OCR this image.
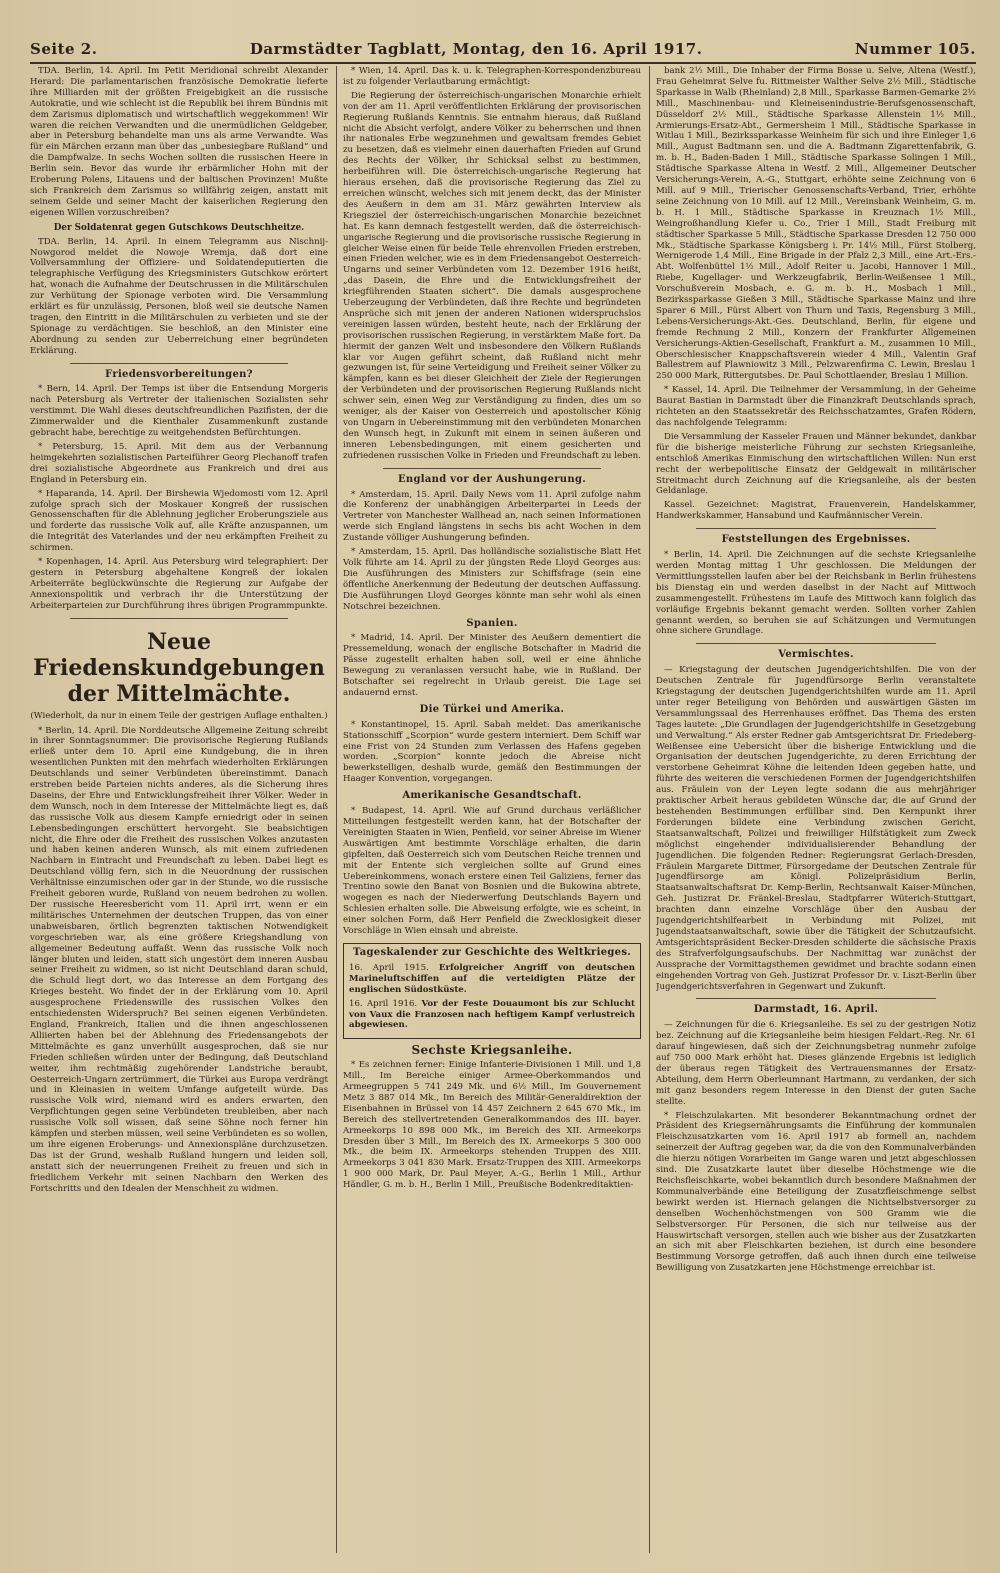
Seite 2.	Darmstädter Tagblatt, Montag, den 16. April 1917.	Nummer 105.

TDA. Berlin, 14. April. Im Petit Meridional schreibt Alexander Herard: Die parlamentarischen französische Demokratie lieferte ihre Milliarden mit der größten Freigebigkeit an die russische Autokratie, und wie schlecht ist die Republik bei ihrem Bündnis mit dem Zarismus diplomatisch und wirtschaftlich weggekommen! Wir waren die reichen Verwandten und die unermüdlichen Geldgeber, aber in Petersburg behandelte man uns als arme Verwandte. Was für ein Märchen erzann man über das „unbesiegbare Rußland“ und die Dampfwalze. In sechs Wochen sollten die russischen Heere in Berlin sein. Bevor das wurde ihr erbärmlicher Hohn mit der Eroberung Polens, Litauens und der baltischen Provinzen! Mußte sich Frankreich dem Zarismus so willfährig zeigen, anstatt mit seinem Gelde und seiner Macht der kaiserlichen Regierung den eigenen Willen vorzuschreiben?

Der Soldatenrat gegen Gutschkows Deutschheitze.

TDA. Berlin, 14. April. In einem Telegramm aus Nischnij-Nowgorod meldet die Nowoje Wremja, daß dort eine Vollversammlung der Offiziere- und Soldatendeputierten die telegraphische Verfügung des Kriegsministers Gutschkow erörtert hat, wonach die Aufnahme der Deutschrussen in die Militärschulen zur Verhütung der Spionage verboten wird. Die Versammlung erklärt es für unzulässig, Personen, bloß weil sie deutsche Namen tragen, den Eintritt in die Militärschulen zu verbieten und sie der Spionage zu verdächtigen. Sie beschloß, an den Minister eine Abordnung zu senden zur Ueberreichung einer begründeten Erklärung.

Friedensvorbereitungen?

* Bern, 14. April. Der Temps ist über die Entsendung Morgeris nach Petersburg als Vertreter der italienischen Sozialisten sehr verstimmt. Die Wahl dieses deutschfreundlichen Pazifisten, der die Zimmerwalder und die Kienthaler Zusammenkunft zustande gebracht habe, berechtige zu weitgehendsten Befürchtungen.

* Petersburg, 15. April. Mit dem aus der Verbannung heimgekehrten sozialistischen Parteiführer Georg Plechanoff trafen drei sozialistische Abgeordnete aus Frankreich und drei aus England in Petersburg ein.

* Haparanda, 14. April. Der Birshewia Wjedomosti vom 12. April zufolge sprach sich der Moskauer Kongreß der russischen Genossenschaften für die Ablehnung jeglicher Eroberungsziele aus und forderte das russische Volk auf, alle Kräfte anzuspannen, um die Integrität des Vaterlandes und der neu erkämpften Freiheit zu schirmen.

* Kopenhagen, 14. April. Aus Petersburg wird telegraphiert: Der gestern in Petersburg abgehaltene Kongreß der lokalen Arbeiterräte beglückwünschte die Regierung zur Aufgabe der Annexionspolitik und verbrach ihr die Unterstützung der Arbeiterparteien zur Durchführung ihres übrigen Programmpunkte.

Neue Friedenskundgebungen der Mittelmächte.
(Wiederholt, da nur in einem Teile der gestrigen Auflage enthalten.)

* Berlin, 14. April. Die Norddeutsche Allgemeine Zeitung schreibt in ihrer Sonntagsnummer: Die provisorische Regierung Rußlands erließ unter dem 10. April eine Kundgebung, die in ihren wesentlichen Punkten mit den mehrfach wiederholten Erklärungen Deutschlands und seiner Verbündeten übereinstimmt. Danach erstreben beide Parteien nichts anderes, als die Sicherung ihres Daseins, der Ehre und Entwicklungsfreiheit ihrer Völker. Weder in dem Wunsch, noch in dem Interesse der Mittelmächte liegt es, daß das russische Volk aus diesem Kampfe erniedrigt oder in seinen Lebensbedingungen erschüttert hervorgeht. Sie beabsichtigen nicht, die Ehre oder die Freiheit des russischen Volkes anzutasten und haben keinen anderen Wunsch, als mit einem zufriedenen Nachbarn in Eintracht und Freundschaft zu leben. Dabei liegt es Deutschland völlig fern, sich in die Neuordnung der russischen Verhältnisse einzumischen oder gar in der Stunde, wo die russische Freiheit geboren wurde, Rußland von neuem bedrohen zu wollen. Der russische Heeresbericht vom 11. April irrt, wenn er ein militärisches Unternehmen der deutschen Truppen, das von einer unabweisbaren, örtlich begrenzten taktischen Notwendigkeit vorgeschrieben war, als eine größere Kriegshandlung von allgemeiner Bedeutung auffaßt. Wenn das russische Volk noch länger bluten und leiden, statt sich ungestört dem inneren Ausbau seiner Freiheit zu widmen, so ist nicht Deutschland daran schuld, die Schuld liegt dort, wo das Interesse an dem Fortgang des Krieges besteht. Wo findet der in der Erklärung vom 10. April ausgesprochene Friedenswille des russischen Volkes den entschiedensten Widerspruch? Bei seinen eigenen Verbündeten. England, Frankreich, Italien und die ihnen angeschlossenen Alliierten haben bei der Ablehnung des Friedensangebots der Mittelmächte es ganz unverhüllt ausgesprochen, daß sie nur Frieden schließen würden unter der Bedingung, daß Deutschland weiter, ihm rechtmäßig zugehörender Landstriche beraubt, Oesterreich-Ungarn zertrümmert, die Türkei aus Europa verdrängt und in Kleinasien in weitem Umfange aufgeteilt würde. Das russische Volk wird, niemand wird es anders erwarten, den Verpflichtungen gegen seine Verbündeten treubleiben, aber nach russische Volk soll wissen, daß seine Söhne noch ferner hin kämpfen und sterben müssen, weil seine Verbündeten es so wollen, um ihre eigenen Eroberungs- und Annexionspläne durchzusetzen. Das ist der Grund, weshalb Rußland hungern und leiden soll, anstatt sich der neuerrungenen Freiheit zu freuen und sich in friedlichem Verkehr mit seinen Nachbarn den Werken des Fortschritts und den Idealen der Menschheit zu widmen.

* Wien, 14. April. Das k. u. k. Telegraphen-Korrespondenzbureau ist zu folgender Verlautbarung ermächtigt:

Die Regierung der österreichisch-ungarischen Monarchie erhielt von der am 11. April veröffentlichten Erklärung der provisorischen Regierung Rußlands Kenntnis. Sie entnahm hieraus, daß Rußland nicht die Absicht verfolgt, andere Völker zu beherrschen und ihnen ihr nationales Erbe wegzunehmen und gewaltsam fremdes Gebiet zu besetzen, daß es vielmehr einen dauerhaften Frieden auf Grund des Rechts der Völker, ihr Schicksal selbst zu bestimmen, herbeiführen will. Die österreichisch-ungarische Regierung hat hieraus ersehen, daß die provisorische Regierung das Ziel zu erreichen wünscht, welches sich mit jenem deckt, das der Minister des Aeußern in dem am 31. März gewährten Interview als Kriegsziel der österreichisch-ungarischen Monarchie bezeichnet hat. Es kann demnach festgestellt werden, daß die österreichisch-ungarische Regierung und die provisorische russische Regierung in gleicher Weise einen für beide Teile ehrenvollen Frieden erstreben, einen Frieden welcher, wie es in dem Friedensangebot Oesterreich-Ungarns und seiner Verbündeten vom 12. Dezember 1916 heißt, „das Dasein, die Ehre und die Entwicklungsfreiheit der kriegführenden Staaten sichert“. Die damals ausgesprochene Ueberzeugung der Verbündeten, daß ihre Rechte und begründeten Ansprüche sich mit jenen der anderen Nationen widerspruchslos vereinigen lassen würden, besteht heute, nach der Erklärung der provisorischen russischen Regierung, in verstärktem Maße fort. Da hiermit der ganzen Welt und insbesondere den Völkern Rußlands klar vor Augen geführt scheint, daß Rußland nicht mehr gezwungen ist, für seine Verteidigung und Freiheit seiner Völker zu kämpfen, kann es bei dieser Gleichheit der Ziele der Regierungen der Verbündeten und der provisorischen Regierung Rußlands nicht schwer sein, einen Weg zur Verständigung zu finden, dies um so weniger, als der Kaiser von Oesterreich und apostolischer König von Ungarn in Uebereinstimmung mit den verbündeten Monarchen den Wunsch hegt, in Zukunft mit einem in seinen äußeren und inneren Lebensbedingungen, mit einem gesicherten und zufriedenen russischen Volke in Frieden und Freundschaft zu leben.

England vor der Aushungerung.

* Amsterdam, 15. April. Daily News vom 11. April zufolge nahm die Konferenz der unabhängigen Arbeiterpartei in Leeds der Vertreter von Manchester Wallhead an, nach seinen Informationen werde sich England längstens in sechs bis acht Wochen in dem Zustande völliger Aushungerung befinden.

* Amsterdam, 15. April. Das holländische sozialistische Blatt Het Volk führte am 14. April zu der jüngsten Rede Lloyd Georges aus: Die Ausführungen des Ministers zur Schiffsfrage (sein eine öffentliche Anerkennung der Bedeutung der deutschen Auffassung. Die Ausführungen Lloyd Georges könnte man sehr wohl als einen Notschrei bezeichnen.

Spanien.

* Madrid, 14. April. Der Minister des Aeußern dementiert die Pressemeldung, wonach der englische Botschafter in Madrid die Pässe zugestellt erhalten haben soll, weil er eine ähnliche Bewegung zu veranlassen versucht habe, wie in Rußland. Der Botschafter sei regelrecht in Urlaub gereist. Die Lage sei andauernd ernst.

Die Türkei und Amerika.

* Konstantinopel, 15. April. Sabah meldet: Das amerikanische Stationsschiff „Scorpion“ wurde gestern interniert. Dem Schiff war eine Frist von 24 Stunden zum Verlassen des Hafens gegeben worden. „Scorpion“ konnte jedoch die Abreise nicht bewerkstelligen, deshalb wurde, gemäß den Bestimmungen der Haager Konvention, vorgegangen.

Amerikanische Gesandtschaft.

* Budapest, 14. April. Wie auf Grund durchaus verläßlicher Mitteilungen festgestellt werden kann, hat der Botschafter der Vereinigten Staaten in Wien, Penfield, vor seiner Abreise im Wiener Auswärtigen Amt bestimmte Vorschläge erhalten, die darin gipfelten, daß Oesterreich sich vom Deutschen Reiche trennen und mit der Entente sich vergleichen sollte auf Grund eines Uebereinkommens, wonach erstere einen Teil Galiziens, ferner das Trentino sowie den Banat von Bosnien und die Bukowina abtrete, wogegen es nach der Niederwerfung Deutschlands Bayern und Schlesien erhalten solle. Die Abweisung erfolgte, wie es scheint, in einer solchen Form, daß Herr Penfield die Zwecklosigkeit dieser Vorschläge in Wien einsah und abreiste.

Tageskalender zur Geschichte des Weltkrieges.
16. April 1915. Erfolgreicher Angriff von deutschen Marineluftschiffen auf die verteidigten Plätze der englischen Südostküste.
16. April 1916. Vor der Feste Douaumont bis zur Schlucht von Vaux die Franzosen nach heftigem Kampf verlustreich abgewiesen.
Sechste Kriegsanleihe.

* Es zeichnen ferner: Einige Infanterie-Divisionen 1 Mill. und 1,8 Mill., Im Bereiche einiger Armee-Oberkommandos und Armeegruppen 5 741 249 Mk. und 6½ Mill., Im Gouvernement Metz 3 887 014 Mk., Im Bereich des Militär-Generaldirektion der Eisenbahnen in Brüssel von 14 457 Zeichnern 2 645 670 Mk., im Bereich des stellvertretenden Generalkommandos des III. bayer. Armeekorps 10 898 000 Mk., im Bereich des XII. Armeekorps Dresden über 3 Mill., Im Bereich des IX. Armeekorps 5 300 000 Mk., die beim IX. Armeekorps stehenden Truppen des XIII. Armeekorps 3 041 830 Mark. Ersatz-Truppen des XIII. Armeekorps 1 900 000 Mark, Dr. Paul Meyer, A.-G., Berlin 1 Mill., Arthur Händler, G. m. b. H., Berlin 1 Mill., Preußische Bodenkreditaktien-

bank 2½ Mill., Die Inhaber der Firma Bosse u. Selve, Altena (Westf.), Frau Geheimrat Selve fu. Rittmeister Walther Selve 2½ Mill., Städtische Sparkasse in Walb (Rheinland) 2,8 Mill., Sparkasse Barmen-Gemarke 2½ Mill., Maschinenbau- und Kleineisenindustrie-Berufsgenossenschaft, Düsseldorf 2½ Mill., Städtische Sparkasse Allenstein 1½ Mill., Armierungs-Ersatz-Abt., Germersheim 1 Mill., Städtische Sparkasse in Witlau 1 Mill., Bezirkssparkasse Weinheim für sich und ihre Einleger 1,6 Mill., August Badtmann sen. und die A. Badtmann Zigarettenfabrik, G. m. b. H., Baden-Baden 1 Mill., Städtische Sparkasse Solingen 1 Mill., Städtische Sparkasse Altena in Westf. 2 Mill., Allgemeiner Deutscher Versicherungs-Verein, A.-G., Stuttgart, erhöhte seine Zeichnung von 6 Mill. auf 9 Mill., Trierischer Genossenschafts-Verband, Trier, erhöhte seine Zeichnung von 10 Mill. auf 12 Mill., Vereinsbank Weinheim, G. m. b. H. 1 Mill., Städtische Sparkasse in Kreuznach 1½ Mill., Weingroßhandlung Kiefer u. Co., Trier 1 Mill., Stadt Freiburg mit städtischer Sparkasse 5 Mill., Städtische Sparkasse Dresden 12 750 000 Mk., Städtische Sparkasse Königsberg i. Pr. 14½ Mill., Fürst Stolberg, Wernigerode 1,4 Mill., Eine Brigade in der Pfalz 2,3 Mill., eine Art.-Ers.-Abt. Wolfenbüttel 1½ Mill., Adolf Reiter u. Jacobi, Hannover 1 Mill., Riebe, Kugellager- und Werkzeugfabrik, Berlin-Weißensee 1 Mill., Vorschußverein Mosbach, e. G. m. b. H., Mosbach 1 Mill., Bezirkssparkasse Gießen 3 Mill., Städtische Sparkasse Mainz und ihre Sparer 6 Mill., Fürst Albert von Thurn und Taxis, Regensburg 3 Mill., Lebens-Versicherungs-Akt.-Ges. Deutschland, Berlin, für eigene und fremde Rechnung 2 Mill., Konzern der Frankfurter Allgemeinen Versicherungs-Aktien-Gesellschaft, Frankfurt a. M., zusammen 10 Mill., Oberschlesischer Knappschaftsverein wieder 4 Mill., Valentin Graf Ballestrem auf Plawniowitz 3 Mill., Pelzwarenfirma C. Lewin, Breslau 1 250 000 Mark, Rittergutsbes. Dr. Paul Schottlaender, Breslau 1 Million.

* Kassel, 14. April. Die Teilnehmer der Versammlung, in der Geheime Baurat Bastian in Darmstadt über die Finanzkraft Deutschlands sprach, richteten an den Staatssekretär des Reichsschatzamtes, Grafen Rödern, das nachfolgende Telegramm:

Die Versammlung der Kasseler Frauen und Männer bekundet, dankbar für die bisherige meisterliche Führung zur sechsten Kriegsanleihe, entschloß Amerikas Einmischung den wirtschaftlichen Willen: Nun erst recht der werbepolitische Einsatz der Geldgewalt in militärischer Streitmacht durch Zeichnung auf die Kriegsanleihe, als der besten Geldanlage.

Kassel. Gezeichnet: Magistrat, Frauenverein, Handelskammer, Handwerkskammer, Hansabund und Kaufmännischer Verein.

Feststellungen des Ergebnisses.

* Berlin, 14. April. Die Zeichnungen auf die sechste Kriegsanleihe werden Montag mittag 1 Uhr geschlossen. Die Meldungen der Vermittlungsstellen laufen aber bei der Reichsbank in Berlin frühestens bis Dienstag ein und werden daselbst in der Nacht auf Mittwoch zusammengestellt. Frühestens im Laufe des Mittwoch kann folglich das vorläufige Ergebnis bekannt gemacht werden. Sollten vorher Zahlen genannt werden, so beruhen sie auf Schätzungen und Vermutungen ohne sichere Grundlage.

Vermischtes.

— Kriegstagung der deutschen Jugendgerichtshilfen. Die von der Deutschen Zentrale für Jugendfürsorge Berlin veranstaltete Kriegstagung der deutschen Jugendgerichtshilfen wurde am 11. April unter reger Beteiligung von Behörden und auswärtigen Gästen im Versammlungssaal des Herrenhauses eröffnet. Das Thema des ersten Tages lautete: „Die Grundlagen der Jugendgerichtshilfe in Gesetzgebung und Verwaltung.“ Als erster Redner gab Amtsgerichtsrat Dr. Friedeberg-Weißensee eine Uebersicht über die bisherige Entwicklung und die Organisation der deutschen Jugendgerichte, zu deren Errichtung der verstorbene Geheimrat Köhne die leitenden Ideen gegeben hatte, und führte des weiteren die verschiedenen Formen der Jugendgerichtshilfen aus. Fräulein von der Leyen legte sodann die aus mehrjähriger praktischer Arbeit heraus gebildeten Wünsche dar, die auf Grund der bestehenden Bestimmungen erfüllbar sind. Den Kernpunkt ihrer Forderungen bildete eine Verbindung zwischen Gericht, Staatsanwaltschaft, Polizei und freiwilliger Hilfstätigkeit zum Zweck möglichst eingehender individualisierender Behandlung der Jugendlichen. Die folgenden Redner: Regierungsrat Gerlach-Dresden, Fräulein Margarete Dittmer, Fürsorgedame der Deutschen Zentrale für Jugendfürsorge am Königl. Polizeipräsidium Berlin, Staatsanwaltschaftsrat Dr. Kemp-Berlin, Rechtsanwalt Kaiser-München, Geh. Justizrat Dr. Fränkel-Breslau, Stadtpfarrer Wüterich-Stuttgart, brachten dann einzelne Vorschläge über den Ausbau der Jugendgerichtshilfearbeit in Verbindung mit Polizei, mit Jugendstaatsanwaltschaft, sowie über die Tätigkeit der Schutzaufsicht. Amtsgerichtspräsident Becker-Dresden schilderte die sächsische Praxis des Strafverfolgungsaufschubs. Der Nachmittag war zunächst der Aussprache der Vormittagsthemen gewidmet und brachte sodann einen eingehenden Vortrag von Geh. Justizrat Professor Dr. v. Liszt-Berlin über Jugendgerichtsverfahren in Gegenwart und Zukunft.

Darmstadt, 16. April.

— Zeichnungen für die 6. Kriegsanleihe. Es sei zu der gestrigen Notiz bez. Zeichnung auf die Kriegsanleihe beim hiesigen Feldart.-Reg. Nr. 61 darauf hingewiesen, daß sich der Zeichnungsbetrag nunmehr zufolge auf 750 000 Mark erhöht hat. Dieses glänzende Ergebnis ist lediglich der überaus regen Tätigkeit des Vertrauensmannes der Ersatz-Abteilung, dem Herrn Oberleumnant Hartmann, zu verdanken, der sich mit ganz besonders regem Interesse in den Dienst der guten Sache stellte.

* Fleischzulakarten. Mit besonderer Bekanntmachung ordnet der Präsident des Kriegsernährungsamts die Einführung der kommunalen Fleischzusatzkarten vom 16. April 1917 ab formell an, nachdem seinerzeit der Auftrag gegeben war, da die von den Kommunalverbänden die hierzu nötigen Vorarbeiten im Gange waren und jetzt abgeschlossen sind. Die Zusatzkarte lautet über dieselbe Höchstmenge wie die Reichsfleischkarte, wobei bekanntlich durch besondere Maßnahmen der Kommunalverbände eine Beteiligung der Zusatzfleischmenge selbst bewirkt werden ist. Hiernach gelangen die Nichtselbstversorger zu denselben Wochenhöchstmengen von 500 Gramm wie die Selbstversorger. Für Personen, die sich nur teilweise aus der Hauswirtschaft versorgen, stellen auch wie bisher aus der Zusatzkarten an sich mit aber Fleischkarten beziehen, ist durch eine besondere Bestimmung Vorsorge getroffen, daß auch ihnen durch eine teilweise Bewilligung von Zusatzkarten jene Höchstmenge erreichbar ist.
